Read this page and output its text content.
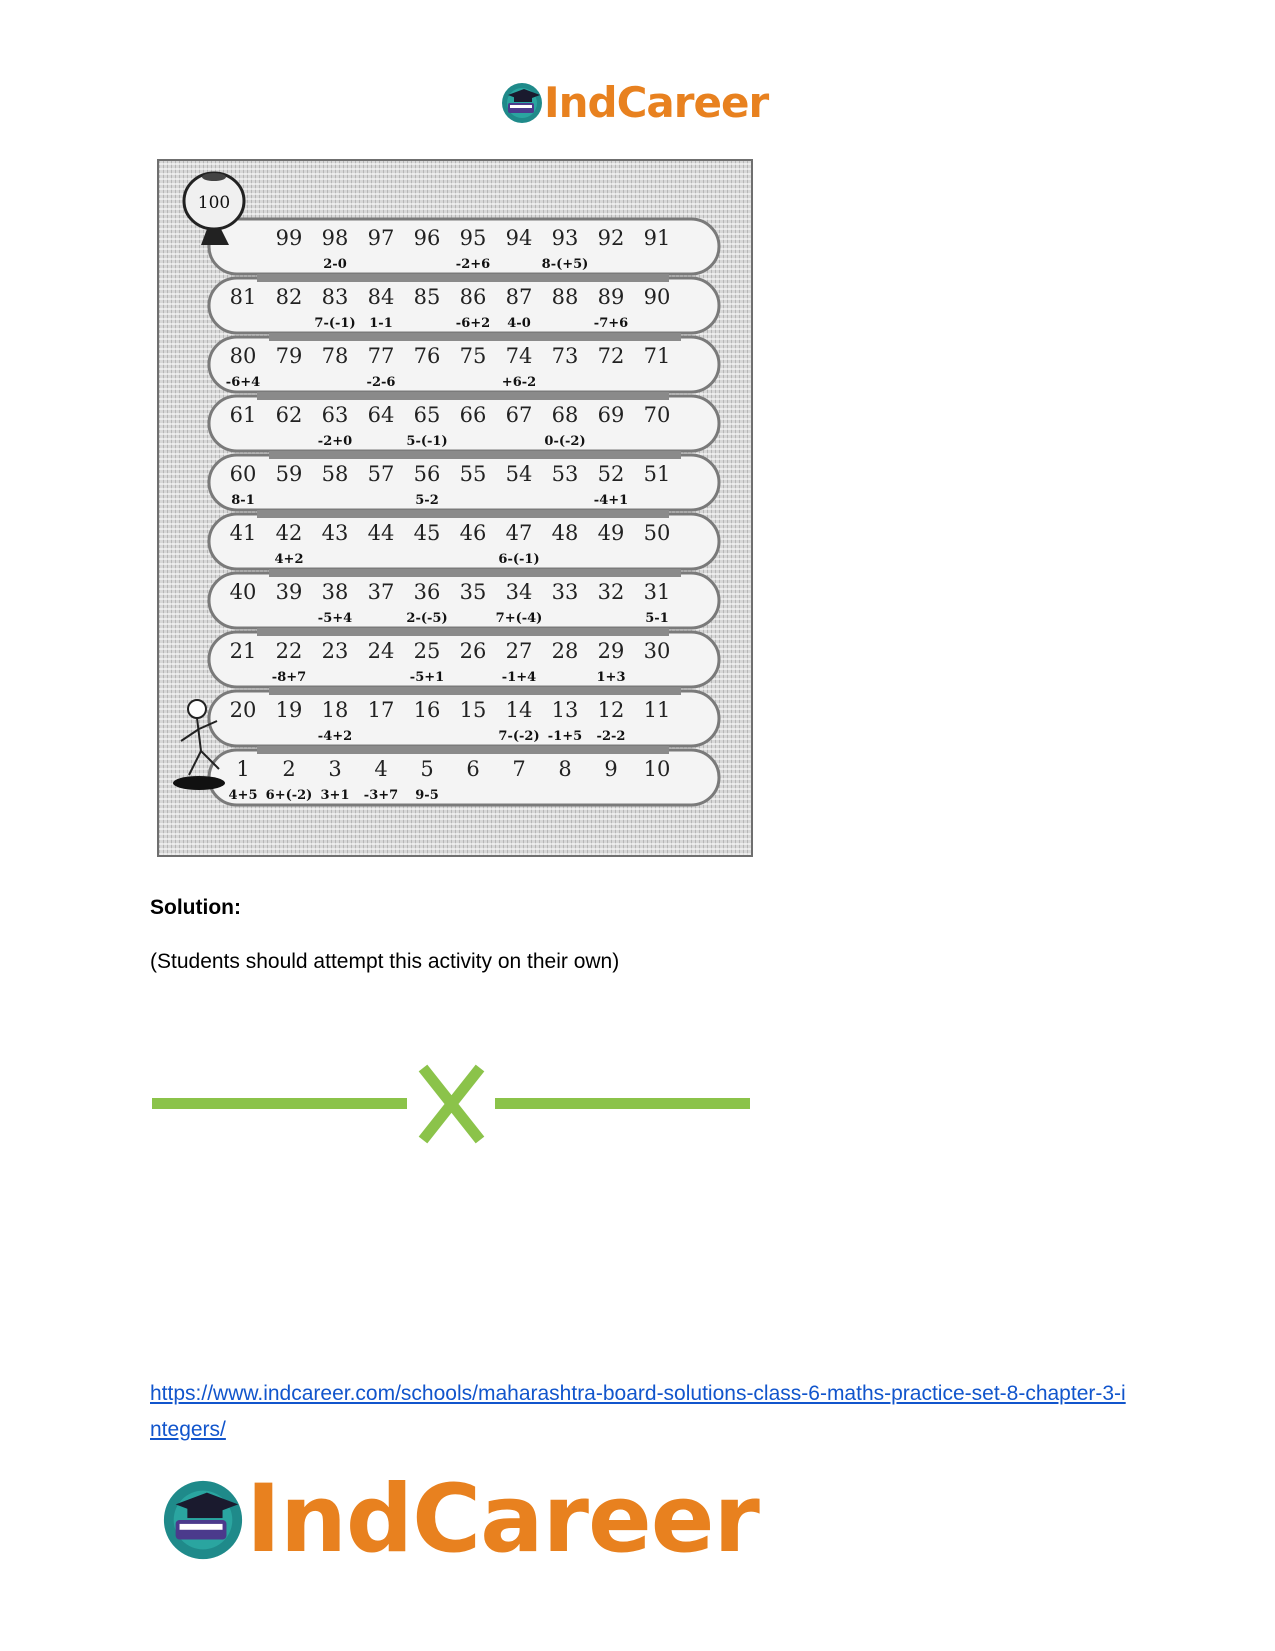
IndCareer
100
99 98
2-0
97 96 95
-2+6
94 93
8-(+5)
92 91
81 82 83
7-(-1)
84
1-1
85 86
-6+2
87
4-0
88 89
-7+6
90
80
-6+4
79 78 77
-2-6
76 75 74
+6-2
73 72 71
61 62 63
-2+0
64 65
5-(-1)
66 67 68
0-(-2)
69 70
60
8-1
59 58 57 56
5-2
55 54 53 52
-4+1
51
41 42
4+2
43 44 45 46 47
6-(-1)
48 49 50
40 39 38
-5+4
37 36
2-(-5)
35 34
7+(-4)
33 32 31
5-1
21 22
-8+7
23 24 25
-5+1
26 27
-1+4
28 29
1+3
30
20 19 18
-4+2
17 16 15 14
7-(-2)
13
-1+5
12
-2-2
11
1
4+5
2
6+(-2)
3
3+1
4
-3+7
5
9-5
6 7 8 9 10
Solution:

(Students should attempt this activity on their own)

https://www.indcareer.com/schools/maharashtra-board-solutions-class-6-maths-practice-set-8-chapter-3-integers/
IndCareer
